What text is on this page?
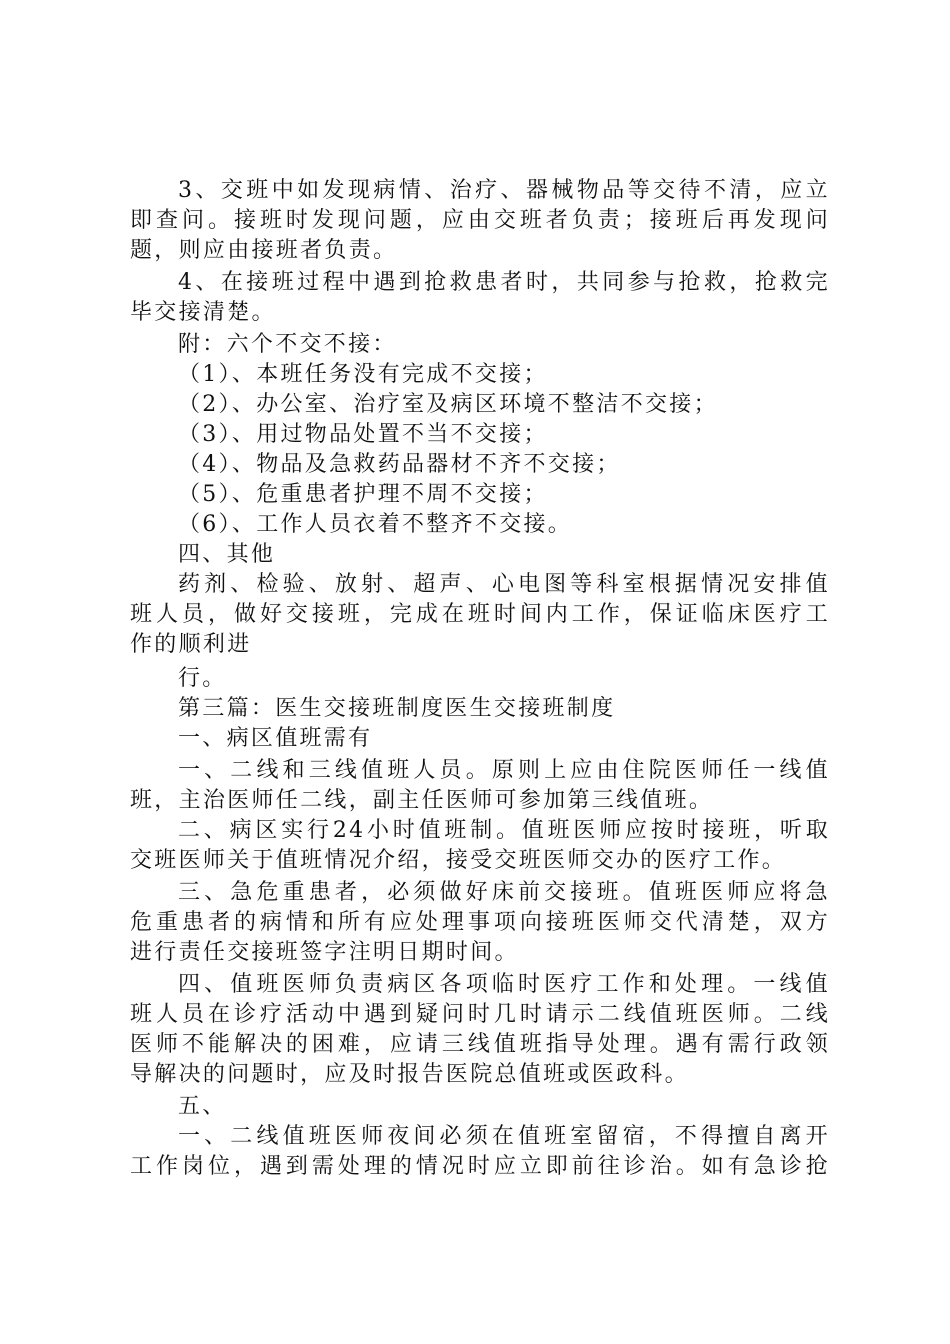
3、交班中如发现病情、治疗、器械物品等交待不清，应立
即查问。接班时发现问题，应由交班者负责；接班后再发现问
题，则应由接班者负责。
4、在接班过程中遇到抢救患者时，共同参与抢救，抢救完
毕交接清楚。
附：六个不交不接：
（1）、本班任务没有完成不交接；
（2）、办公室、治疗室及病区环境不整洁不交接；
（3）、用过物品处置不当不交接；
（4）、物品及急救药品器材不齐不交接；
（5）、危重患者护理不周不交接；
（6）、工作人员衣着不整齐不交接。
四、其他
药剂、检验、放射、超声、心电图等科室根据情况安排值
班人员，做好交接班，完成在班时间内工作，保证临床医疗工
作的顺利进
行。
第三篇：医生交接班制度医生交接班制度
一、病区值班需有
一、二线和三线值班人员。原则上应由住院医师任一线值
班，主治医师任二线，副主任医师可参加第三线值班。
二、病区实行24小时值班制。值班医师应按时接班，听取
交班医师关于值班情况介绍，接受交班医师交办的医疗工作。
三、急危重患者，必须做好床前交接班。值班医师应将急
危重患者的病情和所有应处理事项向接班医师交代清楚，双方
进行责任交接班签字注明日期时间。
四、值班医师负责病区各项临时医疗工作和处理。一线值
班人员在诊疗活动中遇到疑问时几时请示二线值班医师。二线
医师不能解决的困难，应请三线值班指导处理。遇有需行政领
导解决的问题时，应及时报告医院总值班或医政科。
五、
一、二线值班医师夜间必须在值班室留宿，不得擅自离开
工作岗位，遇到需处理的情况时应立即前往诊治。如有急诊抢
